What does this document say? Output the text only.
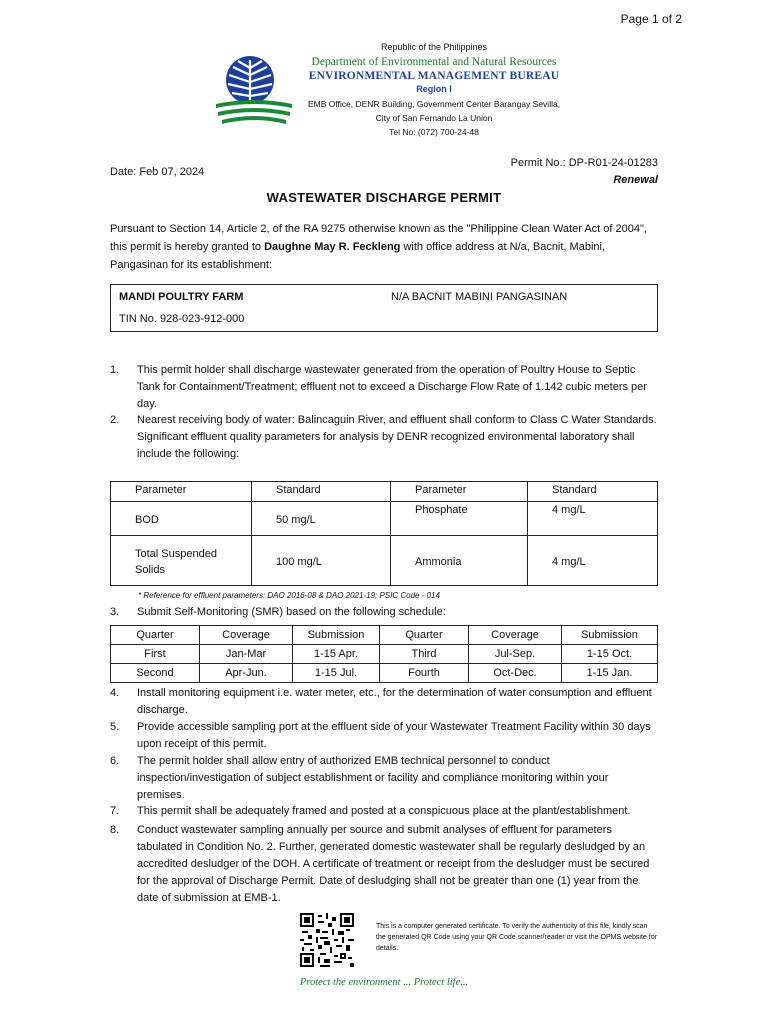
Page 1 of 2
Republic of the Philippines
Department of Environmental and Natural Resources
ENVIRONMENTAL MANAGEMENT BUREAU
Region I
EMB Office, DENR Building, Government Center Barangay Sevilla,
City of San Fernando La Union
Tel No: (072) 700-24-48
Date: Feb 07, 2024
Permit No.: DP-R01-24-01283
Renewal
WASTEWATER DISCHARGE PERMIT
Pursuant to Section 14, Article 2, of the RA 9275 otherwise known as the "Philippine Clean Water Act of 2004", this permit is hereby granted to Daughne May R. Feckleng with office address at N/a, Bacnit, Mabini, Pangasinan for its establishment:
MANDI POULTRY FARM	N/A BACNIT MABINI PANGASINAN
TIN No. 928-023-912-000
1. This permit holder shall discharge wastewater generated from the operation of Poultry House to Septic Tank for Containment/Treatment; effluent not to exceed a Discharge Flow Rate of 1.142 cubic meters per day.
2. Nearest receiving body of water: Balincaguin River, and effluent shall conform to Class C Water Standards. Significant effluent quality parameters for analysis by DENR recognized environmental laboratory shall include the following:
Parameter	Standard	Parameter	Standard
BOD	50 mg/L	Phosphate	4 mg/L
Total Suspended Solids	100 mg/L	Ammonia	4 mg/L
* Reference for effluent parameters: DAO 2016-08 & DAO 2021-19; PSIC Code - 014
3. Submit Self-Monitoring (SMR) based on the following schedule:
Quarter	Coverage	Submission	Quarter	Coverage	Submission
First	Jan-Mar	1-15 Apr.	Third	Jul-Sep.	1-15 Oct.
Second	Apr-Jun.	1-15 Jul.	Fourth	Oct-Dec.	1-15 Jan.
4. Install monitoring equipment i.e. water meter, etc., for the determination of water consumption and effluent discharge.
5. Provide accessible sampling port at the effluent side of your Wastewater Treatment Facility within 30 days upon receipt of this permit.
6. The permit holder shall allow entry of authorized EMB technical personnel to conduct inspection/investigation of subject establishment or facility and compliance monitoring within your premises.
7. This permit shall be adequately framed and posted at a conspicuous place at the plant/establishment.
8. Conduct wastewater sampling annually per source and submit analyses of effluent for parameters tabulated in Condition No. 2. Further, generated domestic wastewater shall be regularly desludged by an accredited desludger of the DOH. A certificate of treatment or receipt from the desludger must be secured for the approval of Discharge Permit. Date of desludging shall not be greater than one (1) year from the date of submission at EMB-1.
This is a computer generated certificate. To verify the authenticity of this file, kindly scan the generated QR Code using your QR Code scanner/reader or visit the OPMS website for details.
Protect the environment ... Protect life...
